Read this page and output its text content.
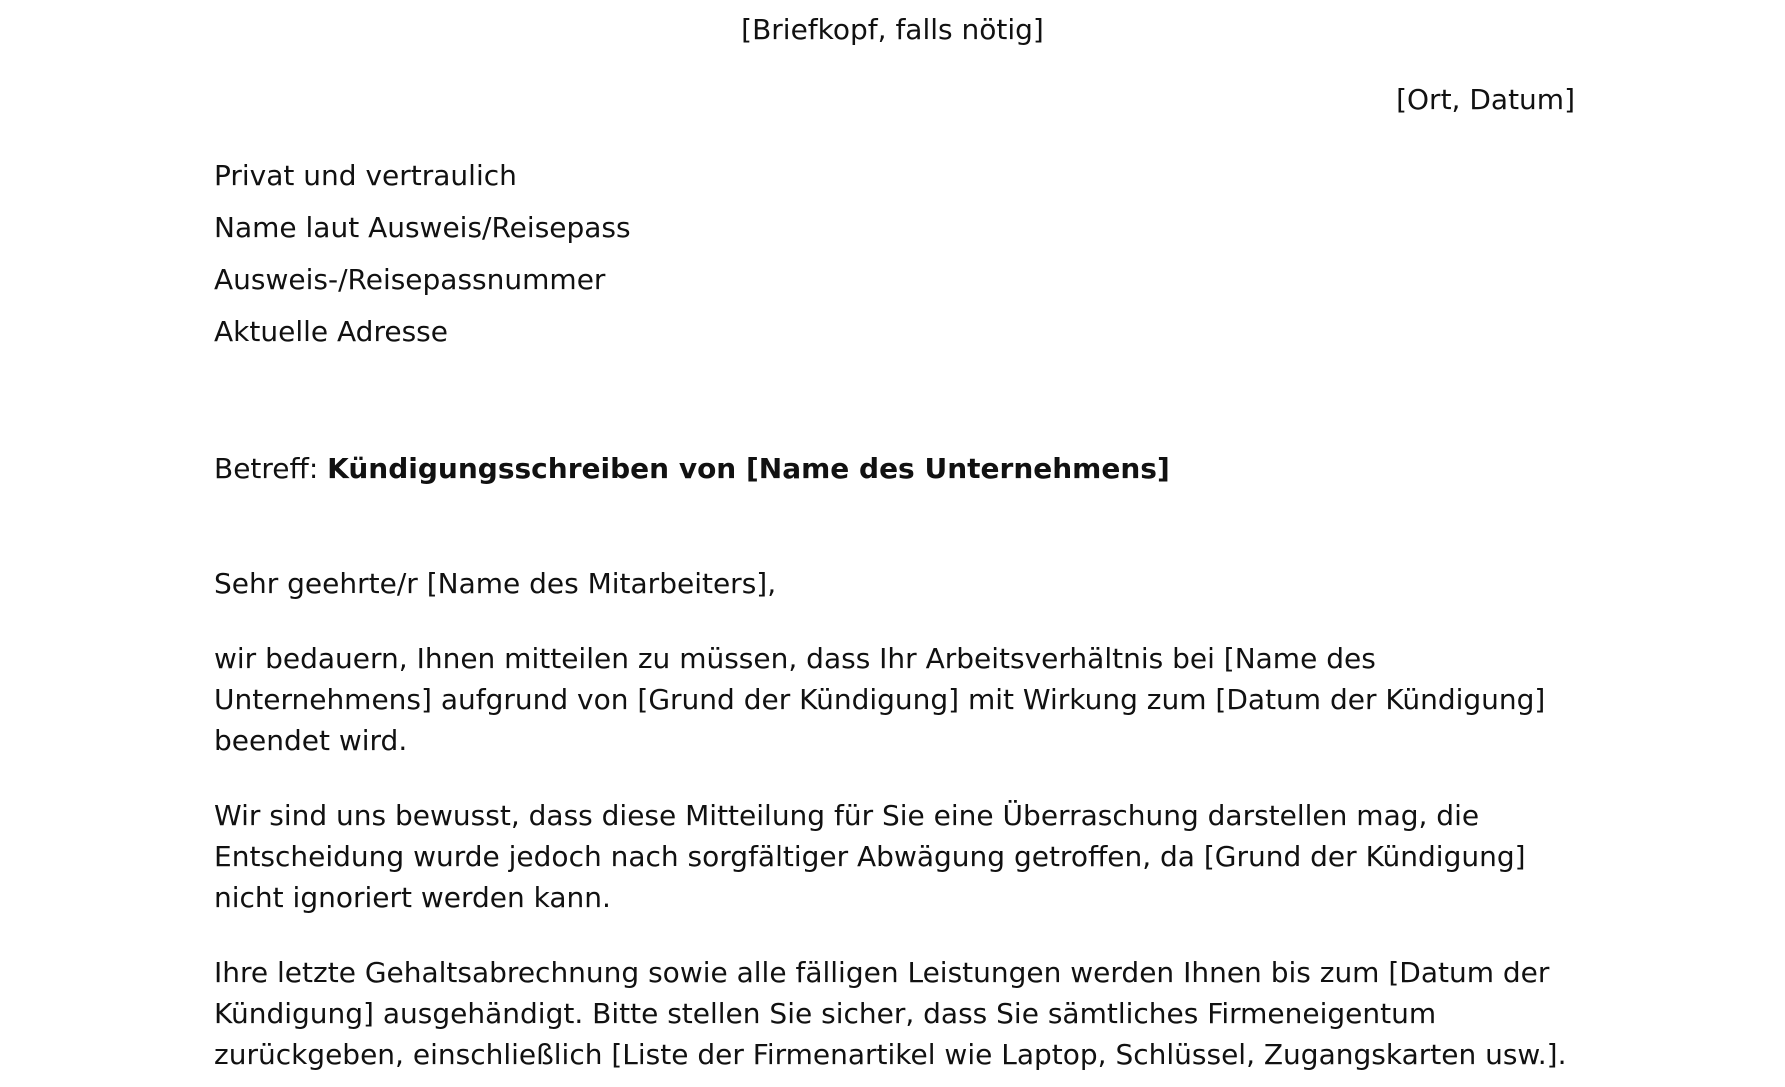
[Briefkopf, falls nötig]
[Ort, Datum]
Privat und vertraulich
Name laut Ausweis/Reisepass
Ausweis-/Reisepassnummer
Aktuelle Adresse
Betreff: Kündigungsschreiben von [Name des Unternehmens]
Sehr geehrte/r [Name des Mitarbeiters],
wir bedauern, Ihnen mitteilen zu müssen, dass Ihr Arbeitsverhältnis bei [Name des
Unternehmens] aufgrund von [Grund der Kündigung] mit Wirkung zum [Datum der Kündigung]
beendet wird.
Wir sind uns bewusst, dass diese Mitteilung für Sie eine Überraschung darstellen mag, die
Entscheidung wurde jedoch nach sorgfältiger Abwägung getroffen, da [Grund der Kündigung]
nicht ignoriert werden kann.
Ihre letzte Gehaltsabrechnung sowie alle fälligen Leistungen werden Ihnen bis zum [Datum der
Kündigung] ausgehändigt. Bitte stellen Sie sicher, dass Sie sämtliches Firmeneigentum
zurückgeben, einschließlich [Liste der Firmenartikel wie Laptop, Schlüssel, Zugangskarten usw.].
